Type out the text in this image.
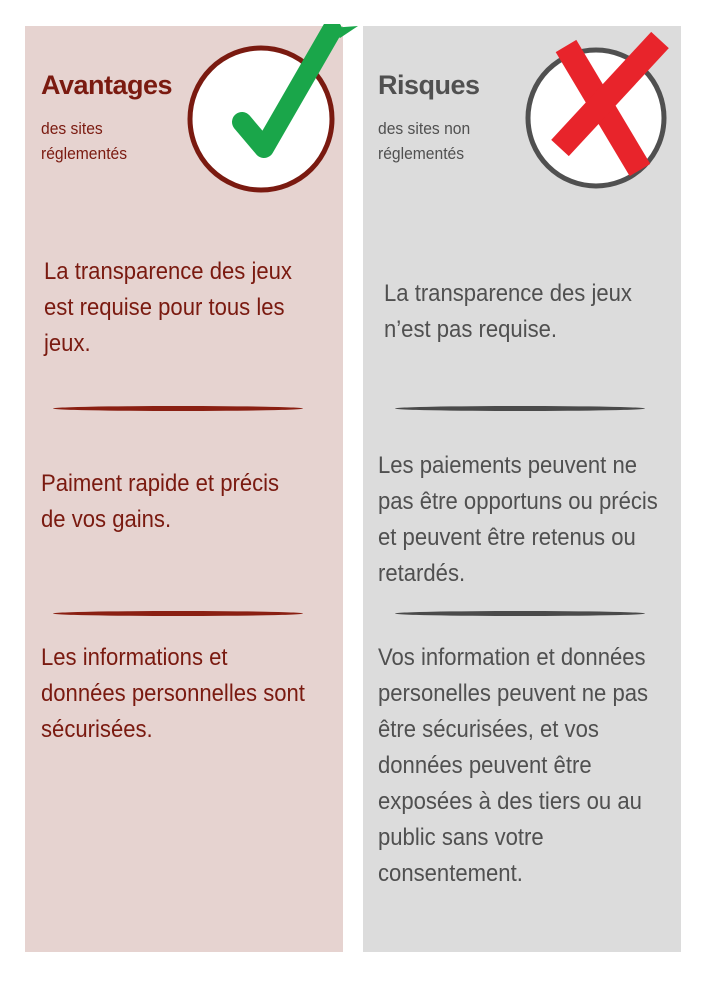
Avantages
des sites réglementés
La transparence des jeux est requise pour tous les jeux.
Paiment rapide et précis de vos gains.
Les informations et données personnelles sont sécurisées.
Risques
des sites non réglementés
La transparence des jeux n’est pas requise.
Les paiements peuvent ne pas être opportuns ou précis et peuvent être retenus ou retardés.
Vos information et données personelles peuvent ne pas être sécurisées, et vos données peuvent être exposées à des tiers ou au public sans votre consentement.
